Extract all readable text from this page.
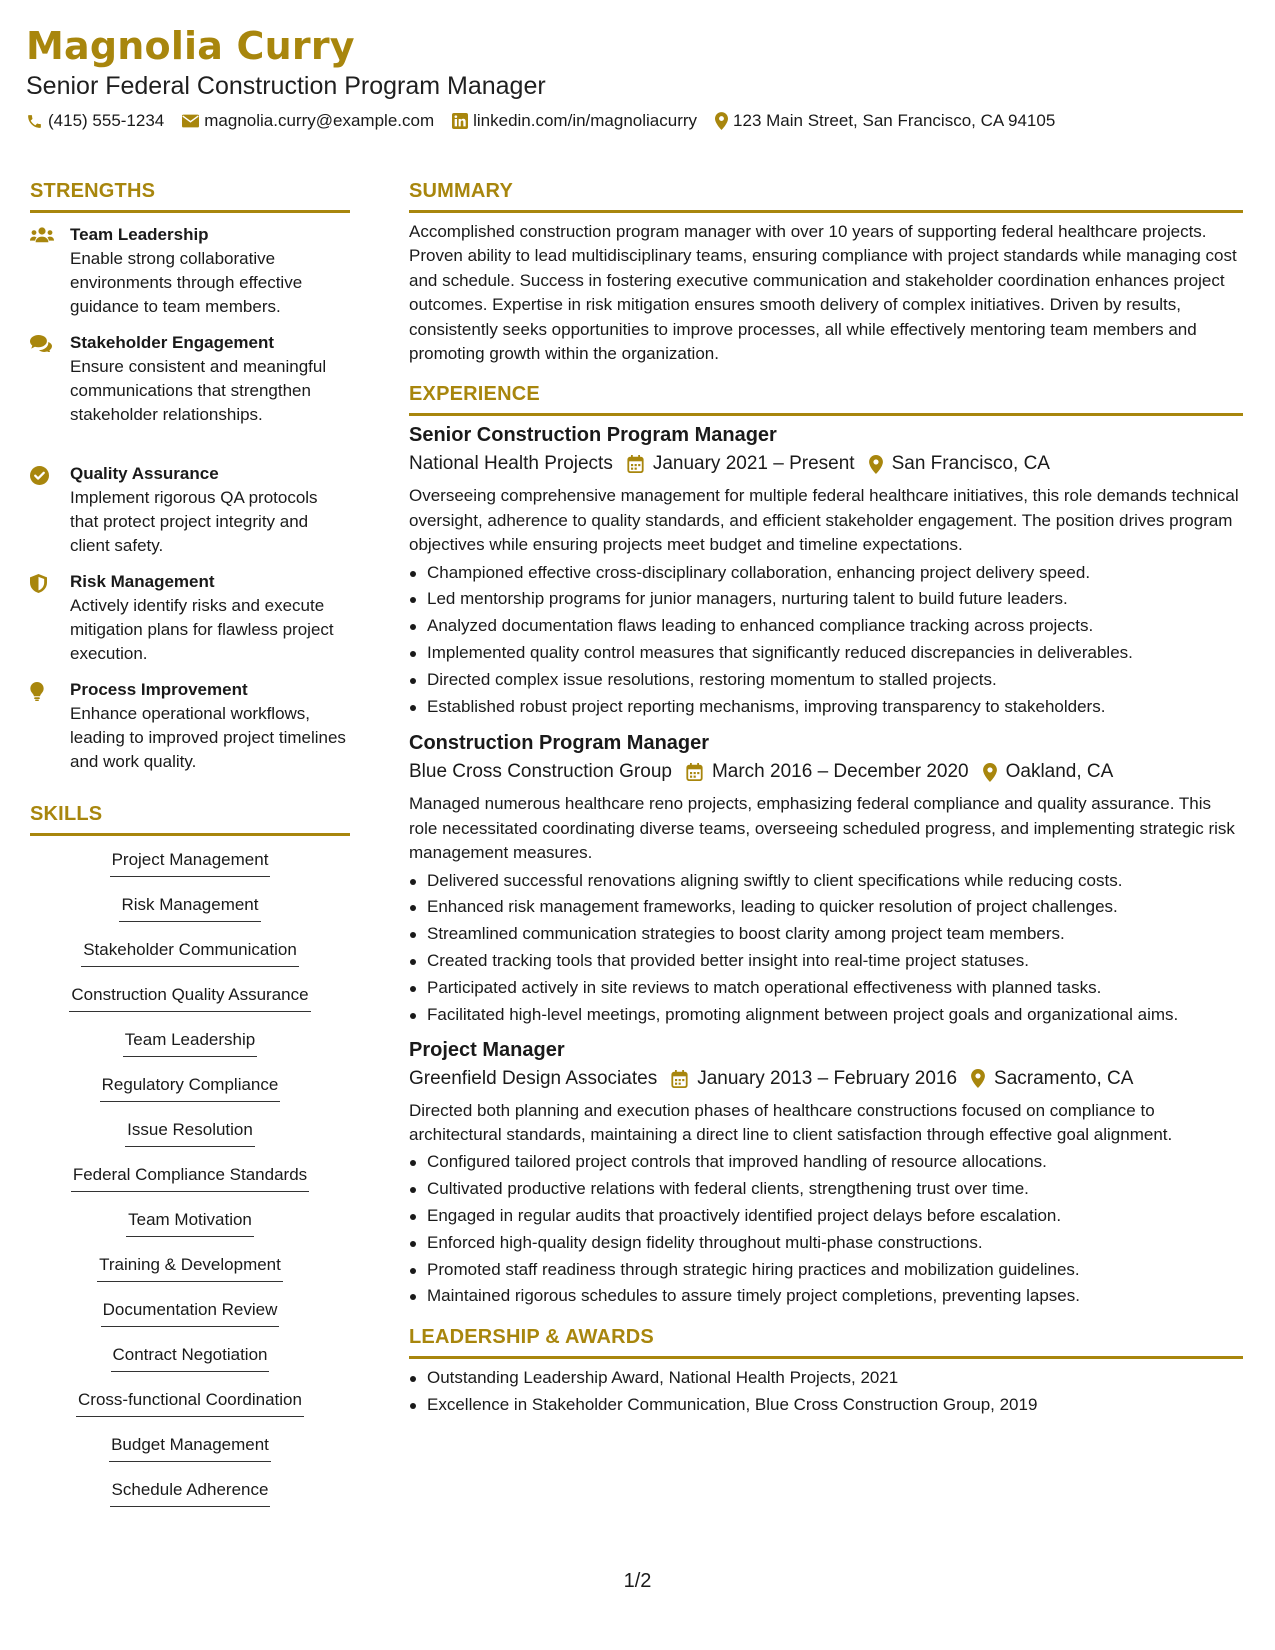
Magnolia Curry
Senior Federal Construction Program Manager
(415) 555-1234 magnolia.curry@example.com linkedin.com/in/magnoliacurry 123 Main Street, San Francisco, CA 94105
STRENGTHS
Team Leadership
Enable strong collaborative environments through effective guidance to team members.
Stakeholder Engagement
Ensure consistent and meaningful communications that strengthen stakeholder relationships.
Quality Assurance
Implement rigorous QA protocols that protect project integrity and client safety.
Risk Management
Actively identify risks and execute mitigation plans for flawless project execution.
Process Improvement
Enhance operational workflows, leading to improved project timelines and work quality.
SKILLS
Project Management
Risk Management
Stakeholder Communication
Construction Quality Assurance
Team Leadership
Regulatory Compliance
Issue Resolution
Federal Compliance Standards
Team Motivation
Training & Development
Documentation Review
Contract Negotiation
Cross-functional Coordination
Budget Management
Schedule Adherence
SUMMARY
Accomplished construction program manager with over 10 years of supporting federal healthcare projects. Proven ability to lead multidisciplinary teams, ensuring compliance with project standards while managing cost and schedule. Success in fostering executive communication and stakeholder coordination enhances project outcomes. Expertise in risk mitigation ensures smooth delivery of complex initiatives. Driven by results, consistently seeks opportunities to improve processes, all while effectively mentoring team members and promoting growth within the organization.
EXPERIENCE
Senior Construction Program Manager
National Health Projects January 2021 – Present San Francisco, CA
Overseeing comprehensive management for multiple federal healthcare initiatives, this role demands technical oversight, adherence to quality standards, and efficient stakeholder engagement. The position drives program objectives while ensuring projects meet budget and timeline expectations.
Championed effective cross-disciplinary collaboration, enhancing project delivery speed.
Led mentorship programs for junior managers, nurturing talent to build future leaders.
Analyzed documentation flaws leading to enhanced compliance tracking across projects.
Implemented quality control measures that significantly reduced discrepancies in deliverables.
Directed complex issue resolutions, restoring momentum to stalled projects.
Established robust project reporting mechanisms, improving transparency to stakeholders.
Construction Program Manager
Blue Cross Construction Group March 2016 – December 2020 Oakland, CA
Managed numerous healthcare reno projects, emphasizing federal compliance and quality assurance. This role necessitated coordinating diverse teams, overseeing scheduled progress, and implementing strategic risk management measures.
Delivered successful renovations aligning swiftly to client specifications while reducing costs.
Enhanced risk management frameworks, leading to quicker resolution of project challenges.
Streamlined communication strategies to boost clarity among project team members.
Created tracking tools that provided better insight into real-time project statuses.
Participated actively in site reviews to match operational effectiveness with planned tasks.
Facilitated high-level meetings, promoting alignment between project goals and organizational aims.
Project Manager
Greenfield Design Associates January 2013 – February 2016 Sacramento, CA
Directed both planning and execution phases of healthcare constructions focused on compliance to architectural standards, maintaining a direct line to client satisfaction through effective goal alignment.
Configured tailored project controls that improved handling of resource allocations.
Cultivated productive relations with federal clients, strengthening trust over time.
Engaged in regular audits that proactively identified project delays before escalation.
Enforced high-quality design fidelity throughout multi-phase constructions.
Promoted staff readiness through strategic hiring practices and mobilization guidelines.
Maintained rigorous schedules to assure timely project completions, preventing lapses.
LEADERSHIP & AWARDS
Outstanding Leadership Award, National Health Projects, 2021
Excellence in Stakeholder Communication, Blue Cross Construction Group, 2019
1/2
